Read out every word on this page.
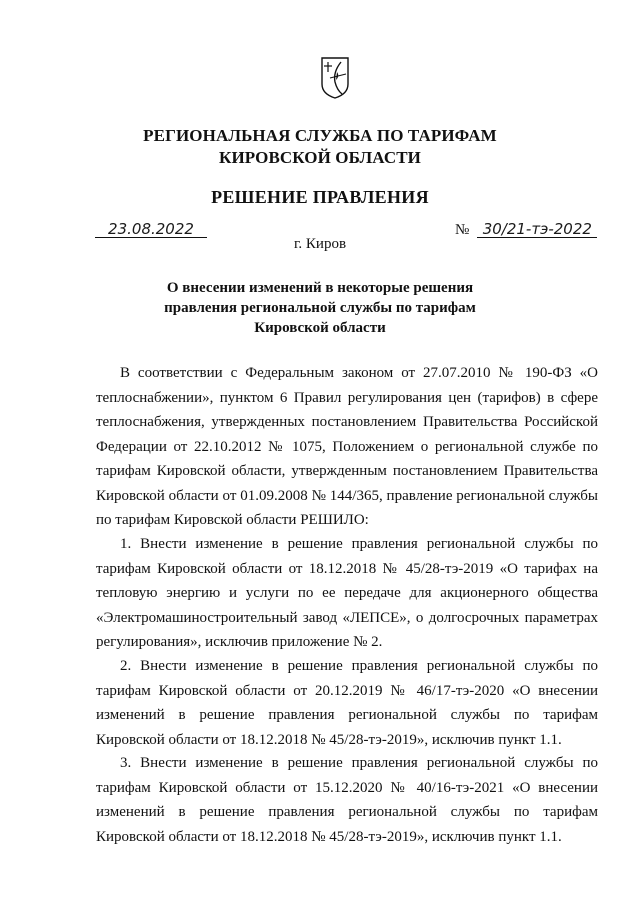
РЕГИОНАЛЬНАЯ СЛУЖБА ПО ТАРИФАМ
КИРОВСКОЙ ОБЛАСТИ
РЕШЕНИЕ ПРАВЛЕНИЯ
23.08.2022	№ 30/21-тэ-2022
г. Киров
О внесении изменений в некоторые решения
правления региональной службы по тарифам
Кировской области

В соответствии с Федеральным законом от 27.07.2010 № 190-ФЗ «О теплоснабжении», пунктом 6 Правил регулирования цен (тарифов) в сфере теплоснабжения, утвержденных постановлением Правительства Российской Федерации от 22.10.2012 № 1075, Положением о региональной службе по тарифам Кировской области, утвержденным постановлением Правительства Кировской области от 01.09.2008 № 144/365, правление региональной службы по тарифам Кировской области РЕШИЛО:

1. Внести изменение в решение правления региональной службы по тарифам Кировской области от 18.12.2018 № 45/28-тэ-2019 «О тарифах на тепловую энергию и услуги по ее передаче для акционерного общества «Электромашиностроительный завод «ЛЕПСЕ», о долгосрочных параметрах регулирования», исключив приложение № 2.

2. Внести изменение в решение правления региональной службы по тарифам Кировской области от 20.12.2019 № 46/17-тэ-2020 «О внесении изменений в решение правления региональной службы по тарифам Кировской области от 18.12.2018 № 45/28-тэ-2019», исключив пункт 1.1.

3. Внести изменение в решение правления региональной службы по тарифам Кировской области от 15.12.2020 № 40/16-тэ-2021 «О внесении изменений в решение правления региональной службы по тарифам Кировской области от 18.12.2018 № 45/28-тэ-2019», исключив пункт 1.1.
